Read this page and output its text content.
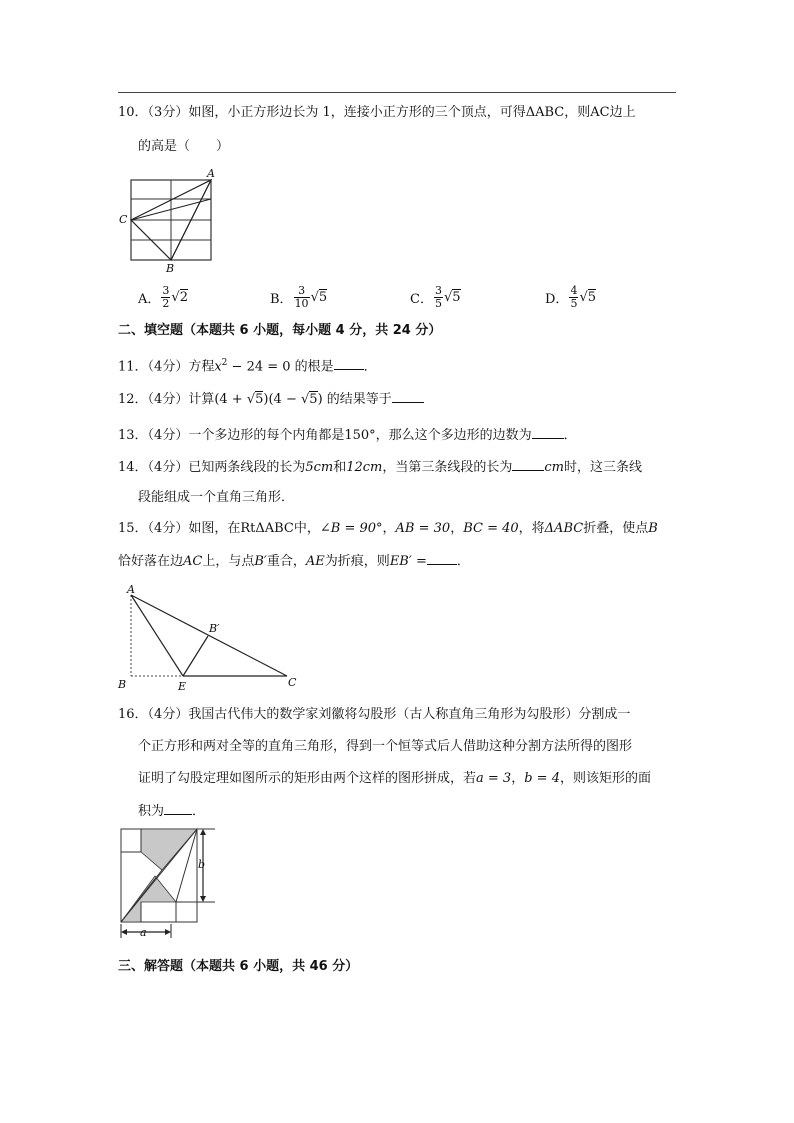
10．（3分）如图，小正方形边长为 1，连接小正方形的三个顶点，可得ΔABC，则AC边上
的高是（　　）
A
C
B
A． $\frac{3}{2} √2$	B． $\frac{3}{10} √5$	C． $\frac{3}{5} √5$	D． $\frac{4}{5} √5$
二、填空题（本题共 6 小题，每小题 4 分，共 24 分）
11．（4分）方程$x^2 - 24 = 0$ 的根是 ．
12．（4分）计算(4 + √5)(4 − √5) 的结果等于
13．（4分）一个多边形的每个内角都是150°，那么这个多边形的边数为 ．
14．（4分）已知两条线段的长为5cm和12cm，当第三条线段的长为 cm时，这三条线
段能组成一个直角三角形．
15．（4分）如图，在RtΔABC中，∠B = 90°，AB = 30，BC = 40，将ΔABC折叠，使点B
恰好落在边AC上，与点B′重合，AE为折痕，则EB′ = ．
A
B	E	C
B′
16．（4分）我国古代伟大的数学家刘徽将勾股形（古人称直角三角形为勾股形）分割成一
个正方形和两对全等的直角三角形，得到一个恒等式后人借助这种分割方法所得的图形
证明了勾股定理如图所示的矩形由两个这样的图形拼成，若a = 3，b = 4，则该矩形的面
积为 ．
b
a
三、解答题（本题共 6 小题，共 46 分）
